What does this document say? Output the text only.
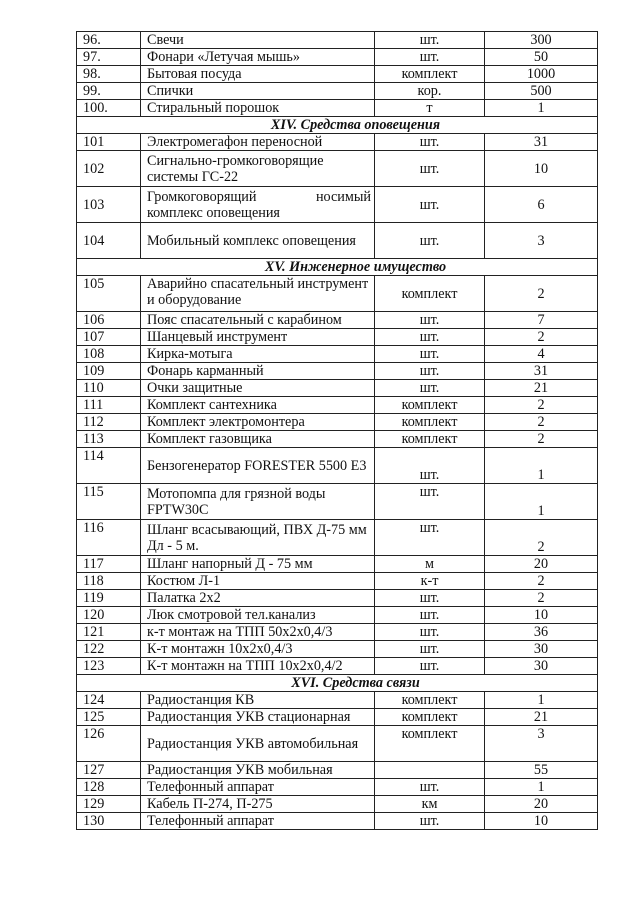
96.	Свечи	шт.	300
97.	Фонари «Летучая мышь»	шт.	50
98.	Бытовая посуда	комплект	1000
99.	Спички	кор.	500
100.	Стиральный порошок	т	1
XIV. Средства оповещения			
101	Электромегафон переносной	шт.	31
102	Сигнально-громкоговорящие системы ГС-22	шт.	10
103	Громкоговорящий носимый комплекс оповещения	шт.	6
104	Мобильный комплекс оповещения	шт.	3
XV. Инженерное имущество			
105	Аварийно спасательный инструмент и оборудование	комплект	2
106	Пояс спасательный с карабином	шт.	7
107	Шанцевый инструмент	шт.	2
108	Кирка-мотыга	шт.	4
109	Фонарь карманный	шт.	31
110	Очки защитные	шт.	21
111	Комплект сантехника	комплект	2
112	Комплект электромонтера	комплект	2
113	Комплект газовщика	комплект	2
114	Бензогенератор FORESTER 5500 E3	шт.	1
115	Мотопомпа для грязной воды FPTW30C	шт.	1
116	Шланг всасывающий, ПВХ Д-75 мм Дл - 5 м.	шт.	2
117	Шланг напорный Д - 75 мм	м	20
118	Костюм Л-1	к-т	2
119	Палатка 2х2	шт.	2
120	Люк смотровой тел.канализ	шт.	10
121	к-т монтаж на ТПП 50х2х0,4/3	шт.	36
122	К-т монтажн 10х2х0,4/3	шт.	30
123	К-т монтажн на ТПП 10х2х0,4/2	шт.	30
XVI. Средства связи			
124	Радиостанция КВ	комплект	1
125	Радиостанция УКВ стационарная	комплект	21
126	Радиостанция УКВ автомобильная	комплект	3
127	Радиостанция УКВ мобильная		55
128	Телефонный аппарат	шт.	1
129	Кабель П-274, П-275	км	20
130	Телефонный аппарат	шт.	10
